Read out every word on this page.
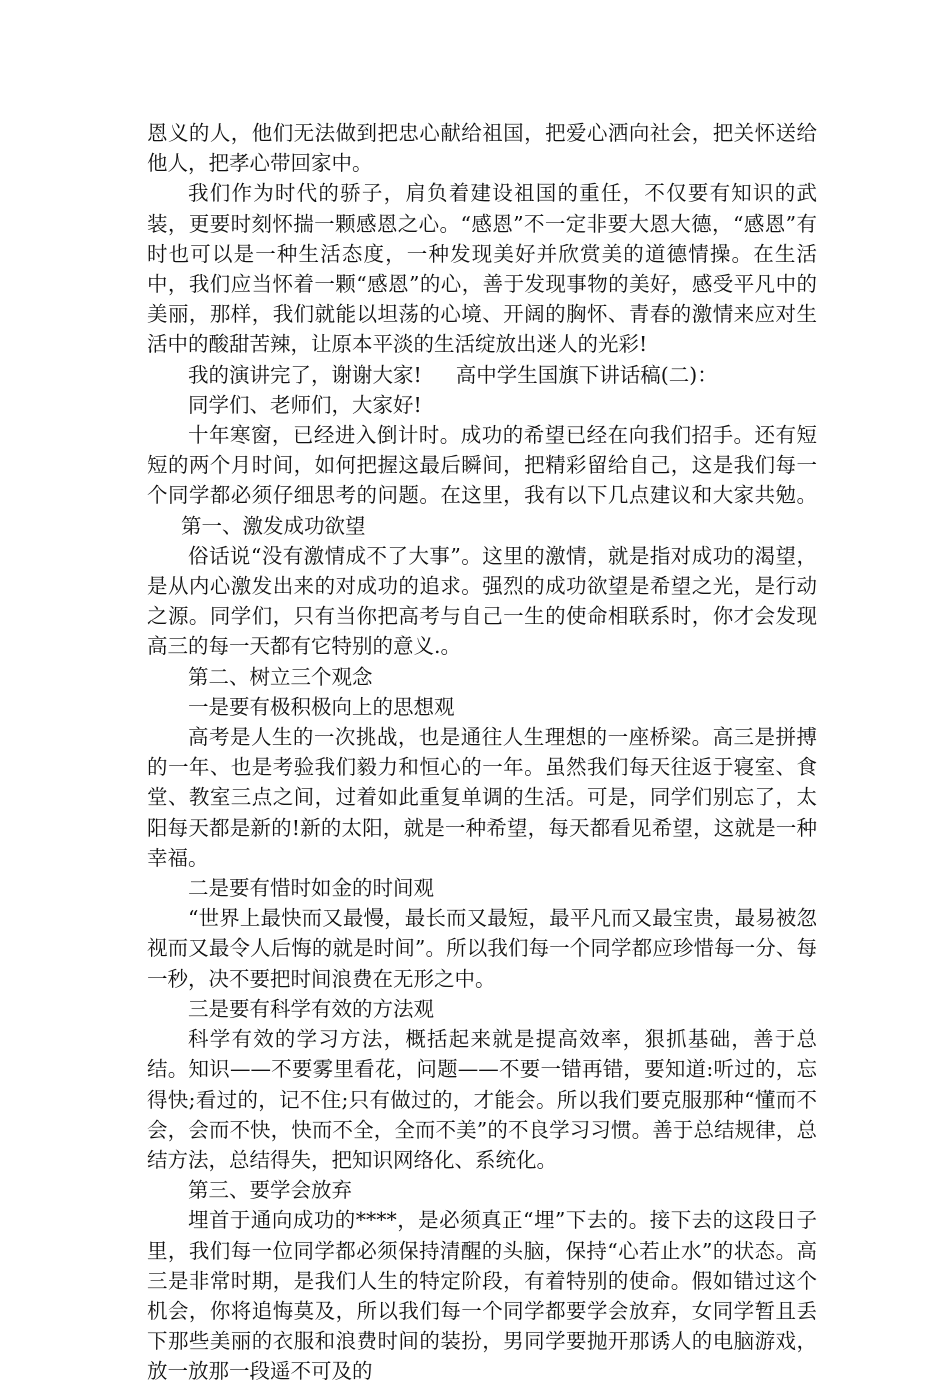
恩义的人，他们无法做到把忠心献给祖国，把爱心洒向社会，把关怀送给他人，把孝心带回家中。

我们作为时代的骄子，肩负着建设祖国的重任，不仅要有知识的武装，更要时刻怀揣一颗感恩之心。“感恩”不一定非要大恩大德，“感恩”有时也可以是一种生活态度，一种发现美好并欣赏美的道德情操。在生活中，我们应当怀着一颗“感恩”的心，善于发现事物的美好，感受平凡中的美丽，那样，我们就能以坦荡的心境、开阔的胸怀、青春的激情来应对生活中的酸甜苦辣，让原本平淡的生活绽放出迷人的光彩!

我的演讲完了，谢谢大家! 高中学生国旗下讲话稿(二)：

同学们、老师们，大家好!

十年寒窗，已经进入倒计时。成功的希望已经在向我们招手。还有短短的两个月时间，如何把握这最后瞬间，把精彩留给自己，这是我们每一个同学都必须仔细思考的问题。在这里，我有以下几点建议和大家共勉。第一、激发成功欲望

俗话说“没有激情成不了大事”。这里的激情，就是指对成功的渴望，是从内心激发出来的对成功的追求。强烈的成功欲望是希望之光，是行动之源。同学们，只有当你把高考与自己一生的使命相联系时，你才会发现高三的每一天都有它特别的意义.。

第二、树立三个观念

一是要有极积极向上的思想观

高考是人生的一次挑战，也是通往人生理想的一座桥梁。高三是拼搏的一年、也是考验我们毅力和恒心的一年。虽然我们每天往返于寝室、食堂、教室三点之间，过着如此重复单调的生活。可是，同学们别忘了，太阳每天都是新的!新的太阳，就是一种希望，每天都看见希望，这就是一种幸福。

二是要有惜时如金的时间观

“世界上最快而又最慢，最长而又最短，最平凡而又最宝贵，最易被忽视而又最令人后悔的就是时间”。所以我们每一个同学都应珍惜每一分、每一秒，决不要把时间浪费在无形之中。

三是要有科学有效的方法观

科学有效的学习方法，概括起来就是提高效率，狠抓基础，善于总结。知识——不要雾里看花，问题——不要一错再错，要知道:听过的，忘得快;看过的，记不住;只有做过的，才能会。所以我们要克服那种“懂而不会，会而不快，快而不全，全而不美”的不良学习习惯。善于总结规律，总结方法，总结得失，把知识网络化、系统化。

第三、要学会放弃

埋首于通向成功的****，是必须真正“埋”下去的。接下去的这段日子里，我们每一位同学都必须保持清醒的头脑，保持“心若止水”的状态。高三是非常时期，是我们人生的特定阶段，有着特别的使命。假如错过这个机会，你将追悔莫及，所以我们每一个同学都要学会放弃，女同学暂且丢下那些美丽的衣服和浪费时间的装扮，男同学要抛开那诱人的电脑游戏，放一放那一段遥不可及的
